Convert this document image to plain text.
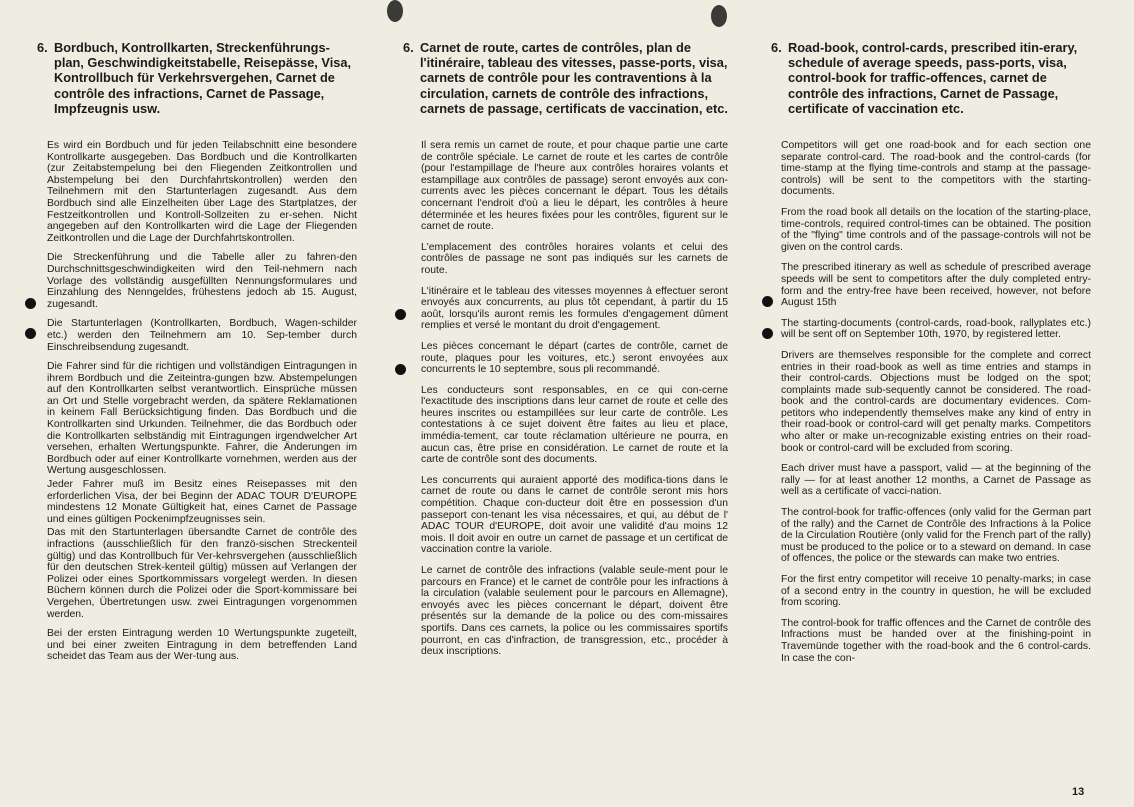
6. Bordbuch, Kontrollkarten, Streckenführungs-plan, Geschwindigkeitstabelle, Reisepässe, Visa, Kontrollbuch für Verkehrsvergehen, Carnet de contrôle des infractions, Carnet de Passage, Impfzeugnis usw.
Es wird ein Bordbuch und für jeden Teilabschnitt eine besondere Kontrollkarte ausgegeben. Das Bordbuch und die Kontrollkarten (zur Zeitabstempelung bei den Fliegenden Zeitkontrollen und Abstempelung bei den Durchfahrtskontrollen) werden den Teilnehmern mit den Startunterlagen zugesandt. Aus dem Bordbuch sind alle Einzelheiten über Lage des Startplatzes, der Festzeitkontrollen und Kontroll-Sollzeiten zu er-sehen. Nicht angegeben auf den Kontrollkarten wird die Lage der Fliegenden Zeitkontrollen und die Lage der Durchfahrtskontrollen.
Die Streckenführung und die Tabelle aller zu fahren-den Durchschnittsgeschwindigkeiten wird den Teil-nehmern nach Vorlage des vollständig ausgefüllten Nennungsformulares und Einzahlung des Nenngeldes, frühestens jedoch ab 15. August, zugesandt.
Die Startunterlagen (Kontrollkarten, Bordbuch, Wagen-schilder etc.) werden den Teilnehmern am 10. Sep-tember durch Einschreibsendung zugesandt.
Die Fahrer sind für die richtigen und vollständigen Eintragungen in ihrem Bordbuch und die Zeiteintra-gungen bzw. Abstempelungen auf den Kontrollkarten selbst verantwortlich. Einsprüche müssen an Ort und Stelle vorgebracht werden, da spätere Reklamationen in keinem Fall Berücksichtigung finden. Das Bordbuch und die Kontrollkarten sind Urkunden. Teilnehmer, die das Bordbuch oder die Kontrollkarten selbständig mit Eintragungen irgendwelcher Art versehen, erhalten Wertungspunkte. Fahrer, die Änderungen im Bordbuch oder auf einer Kontrollkarte vornehmen, werden aus der Wertung ausgeschlossen.
Jeder Fahrer muß im Besitz eines Reisepasses mit den erforderlichen Visa, der bei Beginn der ADAC TOUR D'EUROPE mindestens 12 Monate Gültigkeit hat, eines Carnet de Passage und eines gültigen Pockenimpfzeugnisses sein.
Das mit den Startunterlagen übersandte Carnet de contrôle des infractions (ausschließlich für den franzö-sischen Streckenteil gültig) und das Kontrollbuch für Ver-kehrsvergehen (ausschließlich für den deutschen Strek-kenteil gültig) müssen auf Verlangen der Polizei oder eines Sportkommissars vorgelegt werden. In diesen Büchern können durch die Polizei oder die Sport-kommissare bei Vergehen, Übertretungen usw. zwei Eintragungen vorgenommen werden.
Bei der ersten Eintragung werden 10 Wertungspunkte zugeteilt, und bei einer zweiten Eintragung in dem betreffenden Land scheidet das Team aus der Wer-tung aus.
6. Carnet de route, cartes de contrôles, plan de l'itinéraire, tableau des vitesses, passe-ports, visa, carnets de contrôle pour les contraventions à la circulation, carnets de contrôle des infractions, carnets de passage, certificats de vaccination, etc.
Il sera remis un carnet de route, et pour chaque partie une carte de contrôle spéciale. Le carnet de route et les cartes de contrôle (pour l'estampillage de l'heure aux contrôles horaires volants et estampillage aux contrôles de passage) seront envoyés aux con-currents avec les pièces concernant le départ. Tous les détails concernant l'endroit d'où a lieu le départ, les contrôles à heure déterminée et les heures fixées pour les contrôles, figurent sur le carnet de route.
L'emplacement des contrôles horaires volants et celui des contrôles de passage ne sont pas indiqués sur les carnets de route.
L'itinéraire et le tableau des vitesses moyennes à effectuer seront envoyés aux concurrents, au plus tôt cependant, à partir du 15 août, lorsqu'ils auront remis les formules d'engagement dûment remplies et versé le montant du droit d'engagement.
Les pièces concernant le départ (cartes de contrôle, carnet de route, plaques pour les voitures, etc.) seront envoyées aux concurrents le 10 septembre, sous pli recommandé.
Les conducteurs sont responsables, en ce qui con-cerne l'exactitude des inscriptions dans leur carnet de route et celle des heures inscrites ou estampillées sur leur carte de contrôle. Les contestations à ce sujet doivent être faites au lieu et place, immédia-tement, car toute réclamation ultérieure ne pourra, en aucun cas, être prise en considération. Le carnet de route et la carte de contrôle sont des documents.
Les concurrents qui auraient apporté des modifica-tions dans le carnet de route ou dans le carnet de contrôle seront mis hors compétition. Chaque con-ducteur doit être en possession d'un passeport con-tenant les visa nécessaires, et qui, au début de l' ADAC TOUR d'EUROPE, doit avoir une validité d'au moins 12 mois. Il doit avoir en outre un carnet de passage et un certificat de vaccination contre la variole.
Le carnet de contrôle des infractions (valable seule-ment pour le parcours en France) et le carnet de contrôle pour les infractions à la circulation (valable seulement pour le parcours en Allemagne), envoyés avec les pièces concernant le départ, doivent être présentés sur la demande de la police ou des com-missaires sportifs. Dans ces carnets, la police ou les commissaires sportifs pourront, en cas d'infraction, de transgression, etc., procéder à deux inscriptions.
6. Road-book, control-cards, prescribed itin-erary, schedule of average speeds, pass-ports, visa, control-book for traffic-offences, carnet de contrôle des infractions, Carnet de Passage, certificate of vaccination etc.
Competitors will get one road-book and for each section one separate control-card. The road-book and the control-cards (for time-stamp at the flying time-controls and stamp at the passage-controls) will be sent to the competitors with the starting-documents.
From the road book all details on the location of the starting-place, time-controls, required control-times can be obtained. The position of the "flying" time controls and of the passage-controls will not be given on the control cards.
The prescribed itinerary as well as schedule of prescribed average speeds will be sent to competitors after the duly completed entry-form and the entry-free have been received, however, not before August 15th
The starting-documents (control-cards, road-book, rallyplates etc.) will be sent off on September 10th, 1970, by registered letter.
Drivers are themselves responsible for the complete and correct entries in their road-book as well as time entries and stamps in their control-cards. Objections must be lodged on the spot; complaints made sub-sequently cannot be considered. The road-book and the control-cards are documentary evidences. Com-petitors who independently themselves make any kind of entry in their road-book or control-card will get penalty marks. Competitors who alter or make un-recognizable existing entries on their road-book or control-card will be excluded from scoring.
Each driver must have a passport, valid — at the beginning of the rally — for at least another 12 months, a Carnet de Passage as well as a certificate of vacci-nation.
The control-book for traffic-offences (only valid for the German part of the rally) and the Carnet de Contrôle des Infractions à la Police de la Circulation Routière (only valid for the French part of the rally) must be produced to the police or to a steward on demand. In case of offences, the police or the stewards can make two entries.
For the first entry competitor will receive 10 penalty-marks; in case of a second entry in the country in question, he will be excluded from scoring.
The control-book for traffic offences and the Carnet de contrôle des Infractions must be handed over at the finishing-point in Travemünde together with the road-book and the 6 control-cards. In case the con-
13
